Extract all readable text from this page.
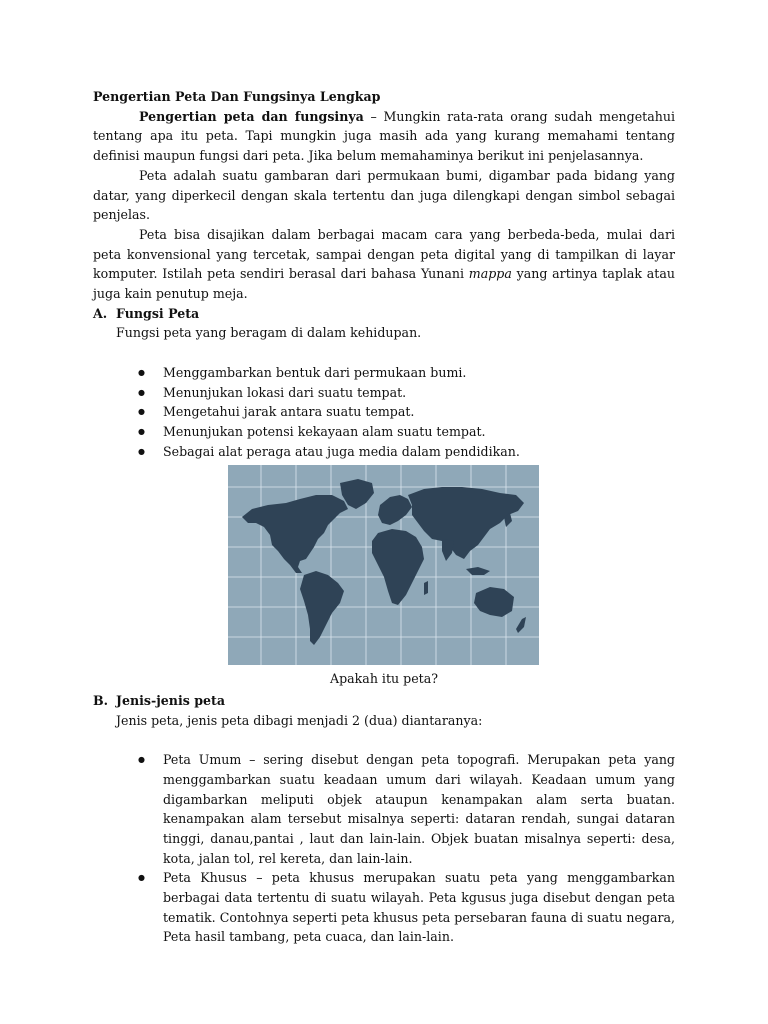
Pengertian Peta Dan Fungsinya Lengkap

Pengertian peta dan fungsinya – Mungkin rata-rata orang sudah mengetahui tentang apa itu peta. Tapi mungkin juga masih ada yang kurang memahami tentang definisi maupun fungsi dari peta. Jika belum memahaminya berikut ini penjelasannya.

Peta adalah suatu gambaran dari permukaan bumi, digambar pada bidang yang datar, yang diperkecil dengan skala tertentu dan juga dilengkapi dengan simbol sebagai penjelas.

Peta bisa disajikan dalam berbagai macam cara yang berbeda-beda, mulai dari peta konvensional yang tercetak, sampai dengan peta digital yang di tampilkan di layar komputer. Istilah peta sendiri berasal dari bahasa Yunani mappa yang artinya taplak atau juga kain penutup meja.

A. Fungsi Peta

Fungsi peta yang beragam di dalam kehidupan.

● Menggambarkan bentuk dari permukaan bumi.
● Menunjukan lokasi dari suatu tempat.
● Mengetahui jarak antara suatu tempat.
● Menunjukan potensi kekayaan alam suatu tempat.
● Sebagai alat peraga atau juga media dalam pendidikan.

Apakah itu peta?

B. Jenis-jenis peta

Jenis peta, jenis peta dibagi menjadi 2 (dua) diantaranya:

● Peta Umum – sering disebut dengan peta topografi. Merupakan peta yang menggambarkan suatu keadaan umum dari wilayah. Keadaan umum yang digambarkan meliputi objek ataupun kenampakan alam serta buatan. kenampakan alam tersebut misalnya seperti: dataran rendah, sungai dataran tinggi, danau,pantai , laut dan lain-lain. Objek buatan misalnya seperti: desa, kota, jalan tol, rel kereta, dan lain-lain.
● Peta Khusus – peta khusus merupakan suatu peta yang menggambarkan berbagai data tertentu di suatu wilayah. Peta kgusus juga disebut dengan peta tematik. Contohnya seperti peta khusus peta persebaran fauna di suatu negara, Peta hasil tambang, peta cuaca, dan lain-lain.
